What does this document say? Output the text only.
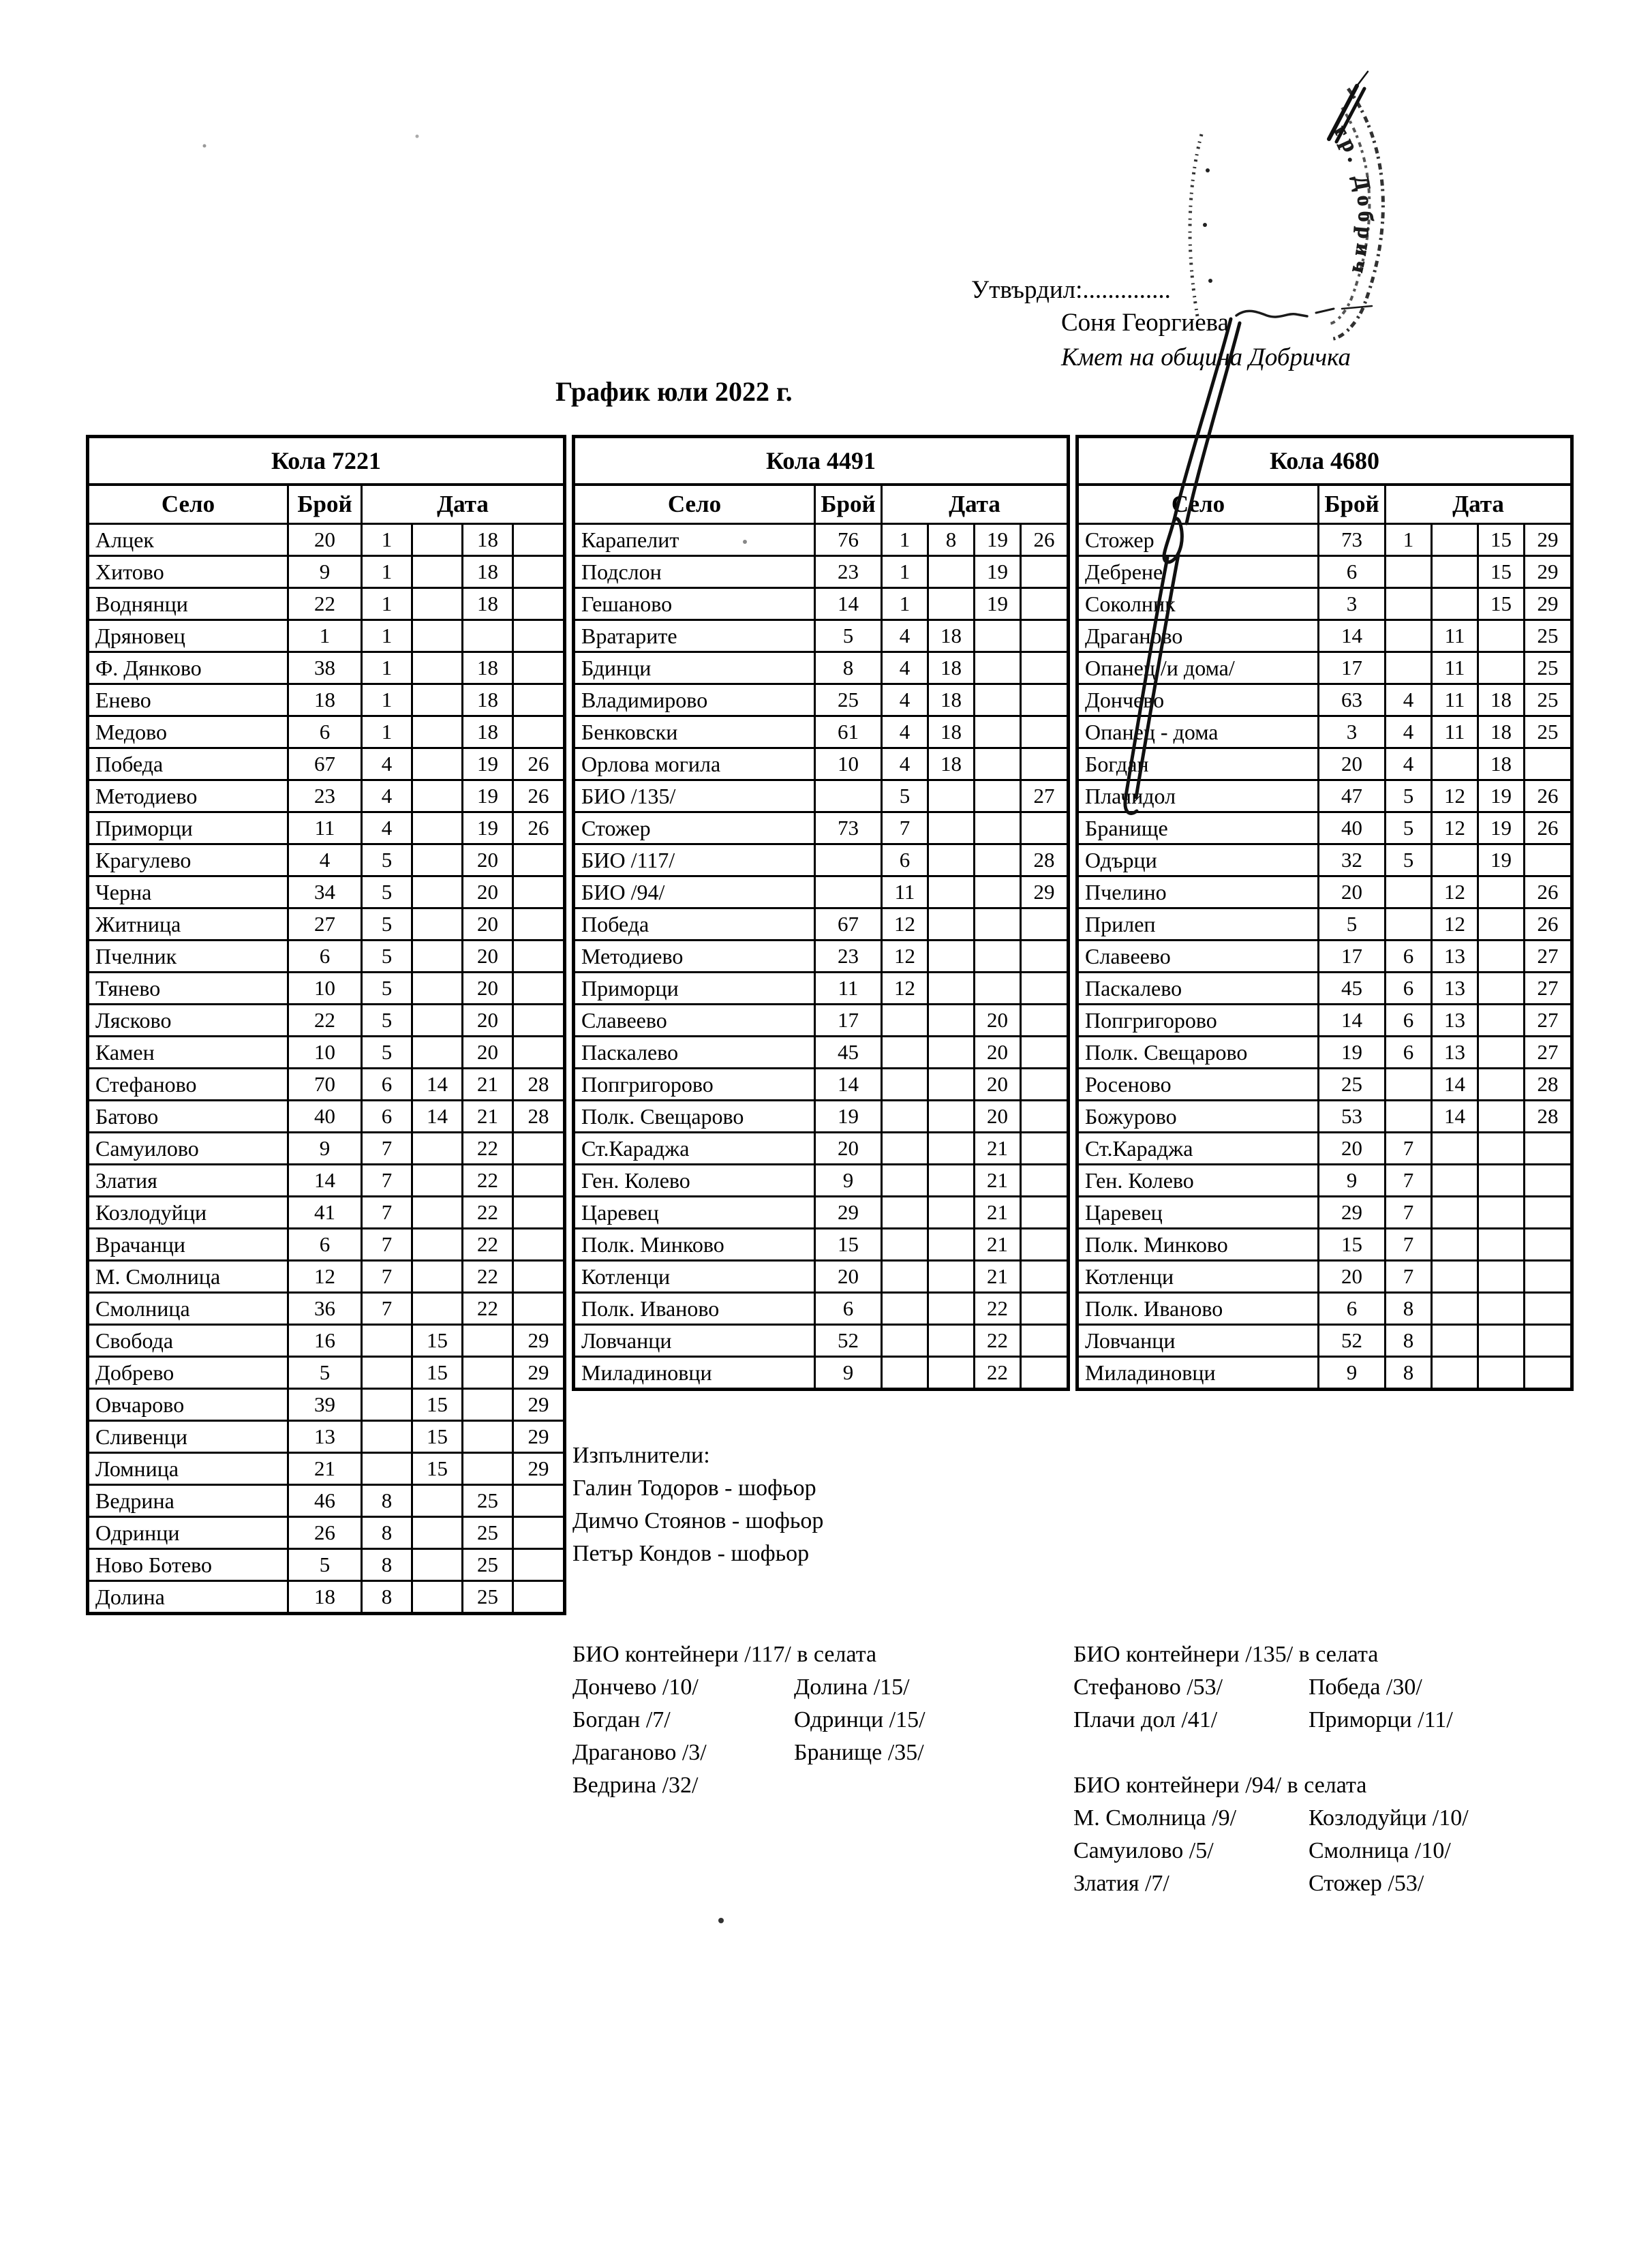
Утвърдил:..............
Соня Георгиева
Кмет на община Добричка
График юли 2022 г.
Кола 7221					
Село	Брой	Дата			
Алцек	20	1		18	
Хитово	9	1		18	
Воднянци	22	1		18	
Дряновец	1	1			
Ф. Дянково	38	1		18	
Енево	18	1		18	
Медово	6	1		18	
Победа	67	4		19	26
Методиево	23	4		19	26
Приморци	11	4		19	26
Крагулево	4	5		20	
Черна	34	5		20	
Житница	27	5		20	
Пчелник	6	5		20	
Тянево	10	5		20	
Лясково	22	5		20	
Камен	10	5		20	
Стефаново	70	6	14	21	28
Батово	40	6	14	21	28
Самуилово	9	7		22	
Златия	14	7		22	
Козлодуйци	41	7		22	
Врачанци	6	7		22	
М. Смолница	12	7		22	
Смолница	36	7		22	
Свобода	16		15		29
Добрево	5		15		29
Овчарово	39		15		29
Сливенци	13		15		29
Ломница	21		15		29
Ведрина	46	8		25	
Одринци	26	8		25	
Ново Ботево	5	8		25	
Долина	18	8		25	
Кола 4491					
Село	Брой	Дата			
Карапелит	76	1	8	19	26
Подслон	23	1		19	
Гешаново	14	1		19	
Вратарите	5	4	18		
Бдинци	8	4	18		
Владимирово	25	4	18		
Бенковски	61	4	18		
Орлова могила	10	4	18		
БИО /135/		5			27
Стожер	73	7			
БИО /117/		6			28
БИО /94/		11			29
Победа	67	12			
Методиево	23	12			
Приморци	11	12			
Славеево	17			20	
Паскалево	45			20	
Попгригорово	14			20	
Полк. Свещарово	19			20	
Ст.Караджа	20			21	
Ген. Колево	9			21	
Царевец	29			21	
Полк. Минково	15			21	
Котленци	20			21	
Полк. Иваново	6			22	
Ловчанци	52			22	
Миладиновци	9			22	
Кола 4680					
Село	Брой	Дата			
Стожер	73	1		15	29
Дебрене	6			15	29
Соколник	3			15	29
Драганово	14		11		25
Опанец /и дома/	17		11		25
Дончево	63	4	11	18	25
Опанец - дома	3	4	11	18	25
Богдан	20	4		18	
Плачидол	47	5	12	19	26
Бранище	40	5	12	19	26
Одърци	32	5		19	
Пчелино	20		12		26
Прилеп	5		12		26
Славеево	17	6	13		27
Паскалево	45	6	13		27
Попгригорово	14	6	13		27
Полк. Свещарово	19	6	13		27
Росеново	25		14		28
Божурово	53		14		28
Ст.Караджа	20	7			
Ген. Колево	9	7			
Царевец	29	7			
Полк. Минково	15	7			
Котленци	20	7			
Полк. Иваново	6	8			
Ловчанци	52	8			
Миладиновци	9	8			
Изпълнители:
Галин Тодоров - шофьор
Димчо Стоянов - шофьор
Петър Кондов - шофьор
БИО контейнери /117/ в селата
Дончево /10/	Долина /15/
Богдан /7/	Одринци /15/
Драганово /3/	Бранище /35/
Ведрина /32/
БИО контейнери /135/ в селата
Стефаново /53/	Победа /30/
Плачи дол /41/	Приморци /11/
БИО контейнери /94/ в селата
М. Смолница /9/	Козлодуйци /10/
Самуилово /5/	Смолница /10/
Златия /7/	Стожер /53/
гр. Добрич
